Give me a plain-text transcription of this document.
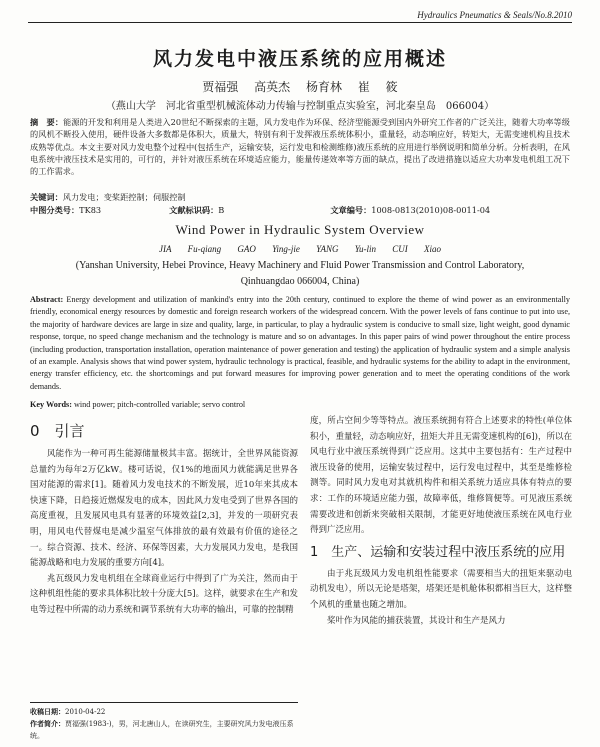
Hydraulics Pneumatics & Seals/No.8.2010
风力发电中液压系统的应用概述
贾福强 高英杰 杨育林 崔 筱
（燕山大学　河北省重型机械流体动力传输与控制重点实验室，河北秦皇岛　066004）
摘　要：能源的开发和利用是人类进入20世纪不断探索的主题，风力发电作为环保、经济型能源受到国内外研究工作者的广泛关注，随着大功率等级的风机不断投入使用，硬件设备大多数都是体积大，质量大，特别有利于发挥液压系统体积小，重量轻，动态响应好，转矩大，无需变速机构且技术成熟等优点。本文主要对风力发电整个过程中(包括生产，运输安装，运行发电和检测维修)液压系统的应用进行举例说明和简单分析。分析表明，在风电系统中液压技术是实用的，可行的，并针对液压系统在环境适应能力，能量传递效率等方面的缺点，提出了改进措施以适应大功率发电机组工况下的工作需求。
关键词：风力发电；变桨距控制；伺服控制
中图分类号：TK83	文献标识码：B	文章编号：1008-0813(2010)08-0011-04
Wind Power in Hydraulic System Overview
JIA Fu-qiang GAO Ying-jie YANG Yu-lin CUI Xiao
(Yanshan University, Hebei Province, Heavy Machinery and Fluid Power Transmission and Control Laboratory, Qinhuangdao 066004, China)
Abstract: Energy development and utilization of mankind's entry into the 20th century, continued to explore the theme of wind power as an environmentally friendly, economical energy resources by domestic and foreign research workers of the widespread concern. With the power levels of fans continue to put into use, the majority of hardware devices are large in size and quality, large, in particular, to play a hydraulic system is conducive to small size, light weight, good dynamic response, torque, no speed change mechanism and the technology is mature and so on advantages. In this paper pairs of wind power throughout the entire process (including production, transportation installation, operation maintenance of power generation and testing) the application of hydraulic system and a simple analysis of an example. Analysis shows that wind power system, hydraulic technology is practical, feasible, and hydraulic systems for the ability to adapt in the environment, energy transfer efficiency, etc. the shortcomings and put forward measures for improving power generation and to meet the operating conditions of the work demands.
Key Words: wind power; pitch-controlled variable; servo control
0　引言

风能作为一种可再生能源储量极其丰富。据统计，全世界风能资源总量约为每年2万亿kW。楼可话说，仅1%的地面风力就能满足世界各国对能源的需求[1]。随着风力发电技术的不断发展，近10年来其成本快速下降，日趋接近燃煤发电的成本，因此风力发电受到了世界各国的高度重视，且发展风电具有显著的环境效益[2,3]，并发的一项研究表明，用风电代替煤电是减少温室气体排放的最有效最有价值的途径之一。综合资源、技术、经济、环保等因素，大力发展风力发电，是我国能源战略和电力发展的重要方向[4]。

兆瓦级风力发电机组在全球商业运行中得到了广为关注，然而由于这种机组性能的要求具体积比较十分庞大[5]。这样，就要求在生产和发电等过程中所需的动力系统和调节系统有大功率的输出，可靠的控制精

度，所占空间少等等特点。液压系统拥有符合上述要求的特性(单位体积小，重量轻，动态响应好，扭矩大并且无需变速机构的[6])，所以在风电行业中液压系统得到广泛应用。这其中主要包括有：生产过程中液压设备的使用，运输安装过程中，运行发电过程中，其至是维修检测等。同时风力发电对其就机构件和相关系统力适应具体有特点的要求：工作的环境适应能力强，故障率低，维修简便等。可见液压系统需要改进和创新来突破相关限制，才能更好地使液压系统在风电行业得到广泛应用。

1　生产、运输和安装过程中液压系统的应用

由于兆瓦级风力发电机组性能要求（需要相当大的扭矩来驱动电动机发电），所以无论是塔架，塔架还是机舱体积都相当巨大，这样整个风机的重量也随之增加。

桨叶作为风能的捕获装置，其设计和生产是风力

收稿日期：2010-04-22
作者简介：贾福强(1983-)，男，河北唐山人，在读研究生，主要研究风力发电液压系统。
